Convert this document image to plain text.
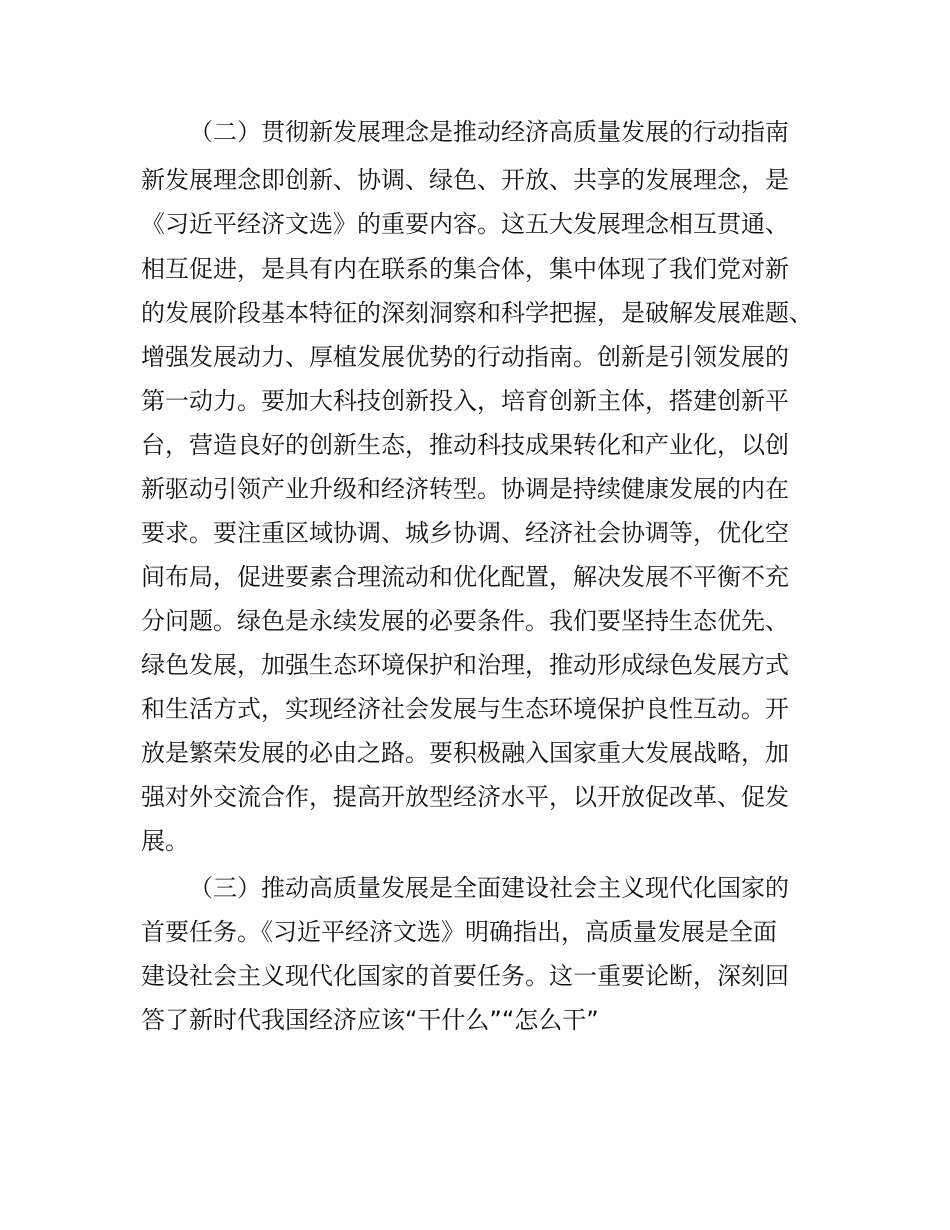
（二）贯彻新发展理念是推动经济高质量发展的行动指南
新发展理念即创新、协调、绿色、开放、共享的发展理念，是
《习近平经济文选》的重要内容。这五大发展理念相互贯通、
相互促进，是具有内在联系的集合体，集中体现了我们党对新
的发展阶段基本特征的深刻洞察和科学把握，是破解发展难题、
增强发展动力、厚植发展优势的行动指南。创新是引领发展的
第一动力。要加大科技创新投入，培育创新主体，搭建创新平
台，营造良好的创新生态，推动科技成果转化和产业化，以创
新驱动引领产业升级和经济转型。协调是持续健康发展的内在
要求。要注重区域协调、城乡协调、经济社会协调等，优化空
间布局，促进要素合理流动和优化配置，解决发展不平衡不充
分问题。绿色是永续发展的必要条件。我们要坚持生态优先、
绿色发展，加强生态环境保护和治理，推动形成绿色发展方式
和生活方式，实现经济社会发展与生态环境保护良性互动。开
放是繁荣发展的必由之路。要积极融入国家重大发展战略，加
强对外交流合作，提高开放型经济水平，以开放促改革、促发
展。
（三）推动高质量发展是全面建设社会主义现代化国家的
首要任务。《习近平经济文选》明确指出，高质量发展是全面
建设社会主义现代化国家的首要任务。这一重要论断，深刻回
答了新时代我国经济应该“干什么”“怎么干”
